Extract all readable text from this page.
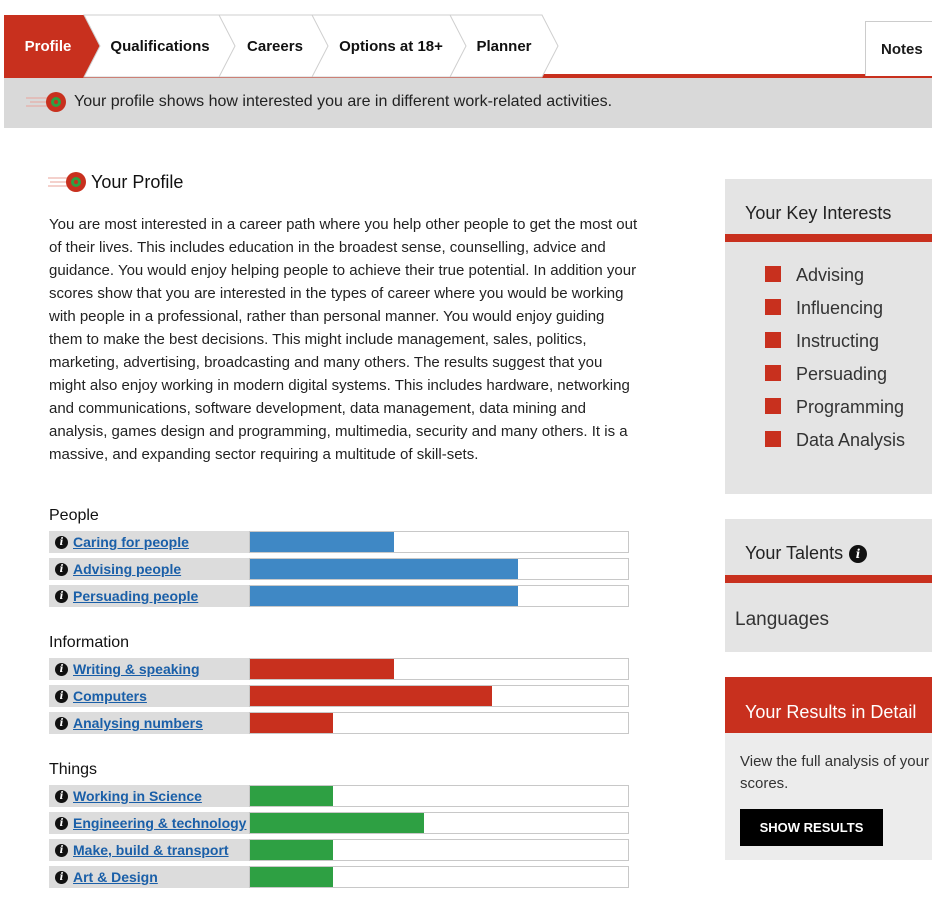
Profile	Qualifications Careers Options at 18+ Planner	Notes
Your profile shows how interested you are in different work-related activities.
Your Profile

You are most interested in a career path where you help other people to get the most out of their lives. This includes education in the broadest sense, counselling, advice and guidance. You would enjoy helping people to achieve their true potential. In addition your scores show that you are interested in the types of career where you would be working with people in a professional, rather than personal manner. You would enjoy guiding them to make the best decisions. This might include management, sales, politics, marketing, advertising, broadcasting and many others. The results suggest that you might also enjoy working in modern digital systems. This includes hardware, networking and communications, software development, data management, data mining and analysis, games design and programming, multimedia, security and many others. It is a massive, and expanding sector requiring a multitude of skill-sets.

People
i Caring for people
i Advising people
i Persuading people
Information
i Writing & speaking
i Computers
i Analysing numbers
Things
i Working in Science
i Engineering & technology
i Make, build & transport
i Art & Design
Your Key Interests
Advising
Influencing
Instructing
Persuading
Programming
Data Analysis
Your Talents i
Languages
Your Results in Detail
View the full analysis of your scores.
SHOW RESULTS
